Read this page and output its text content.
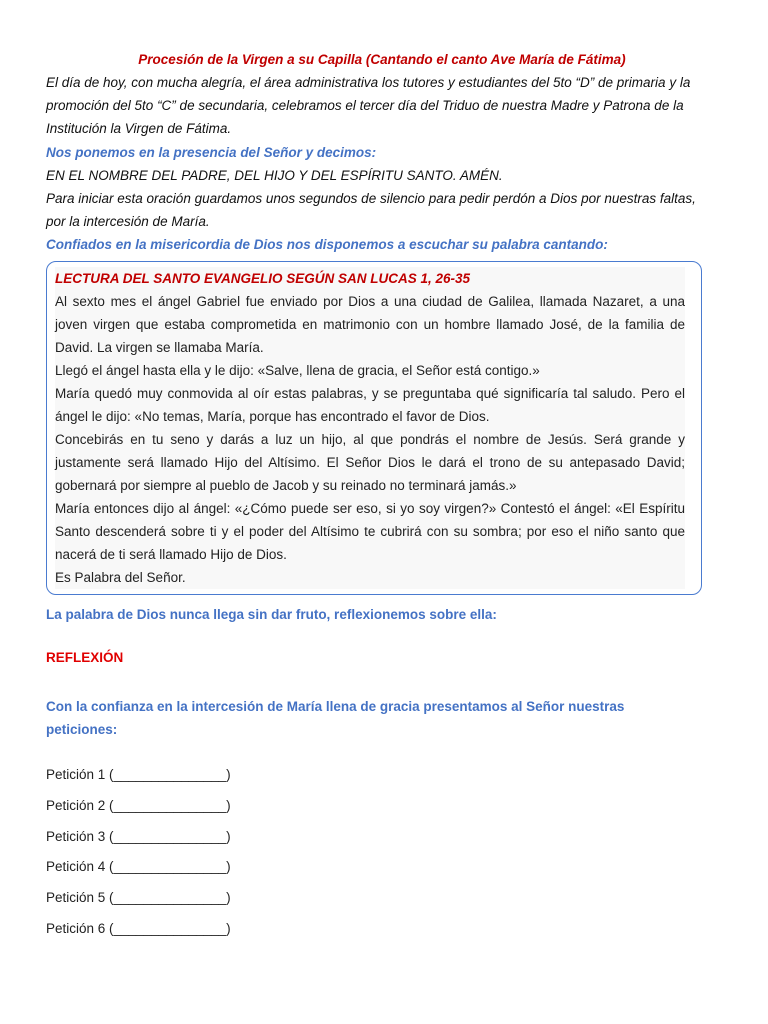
Procesión de la Virgen a su Capilla (Cantando el canto Ave María de Fátima)

El día de hoy, con mucha alegría, el área administrativa los tutores y estudiantes del 5to “D” de primaria y la promoción del 5to “C” de secundaria, celebramos el tercer día del Triduo de nuestra Madre y Patrona de la Institución la Virgen de Fátima.

Nos ponemos en la presencia del Señor y decimos:

EN EL NOMBRE DEL PADRE, DEL HIJO Y DEL ESPÍRITU SANTO. AMÉN.

Para iniciar esta oración guardamos unos segundos de silencio para pedir perdón a Dios por nuestras faltas, por la intercesión de María.

Confiados en la misericordia de Dios nos disponemos a escuchar su palabra cantando:

LECTURA DEL SANTO EVANGELIO SEGÚN SAN LUCAS 1, 26-35

Al sexto mes el ángel Gabriel fue enviado por Dios a una ciudad de Galilea, llamada Nazaret, a una joven virgen que estaba comprometida en matrimonio con un hombre llamado José, de la familia de David. La virgen se llamaba María.

Llegó el ángel hasta ella y le dijo: «Salve, llena de gracia, el Señor está contigo.»

María quedó muy conmovida al oír estas palabras, y se preguntaba qué significaría tal saludo. Pero el ángel le dijo: «No temas, María, porque has encontrado el favor de Dios.

Concebirás en tu seno y darás a luz un hijo, al que pondrás el nombre de Jesús. Será grande y justamente será llamado Hijo del Altísimo. El Señor Dios le dará el trono de su antepasado David; gobernará por siempre al pueblo de Jacob y su reinado no terminará jamás.»

María entonces dijo al ángel: «¿Cómo puede ser eso, si yo soy virgen?» Contestó el ángel: «El Espíritu Santo descenderá sobre ti y el poder del Altísimo te cubrirá con su sombra; por eso el niño santo que nacerá de ti será llamado Hijo de Dios.

Es Palabra del Señor.

La palabra de Dios nunca llega sin dar fruto, reflexionemos sobre ella:

REFLEXIÓN

Con la confianza en la intercesión de María llena de gracia presentamos al Señor nuestras peticiones:

Petición 1 (_______________)

Petición 2 (_______________)

Petición 3 (_______________)

Petición 4 (_______________)

Petición 5 (_______________)

Petición 6 (_______________)
